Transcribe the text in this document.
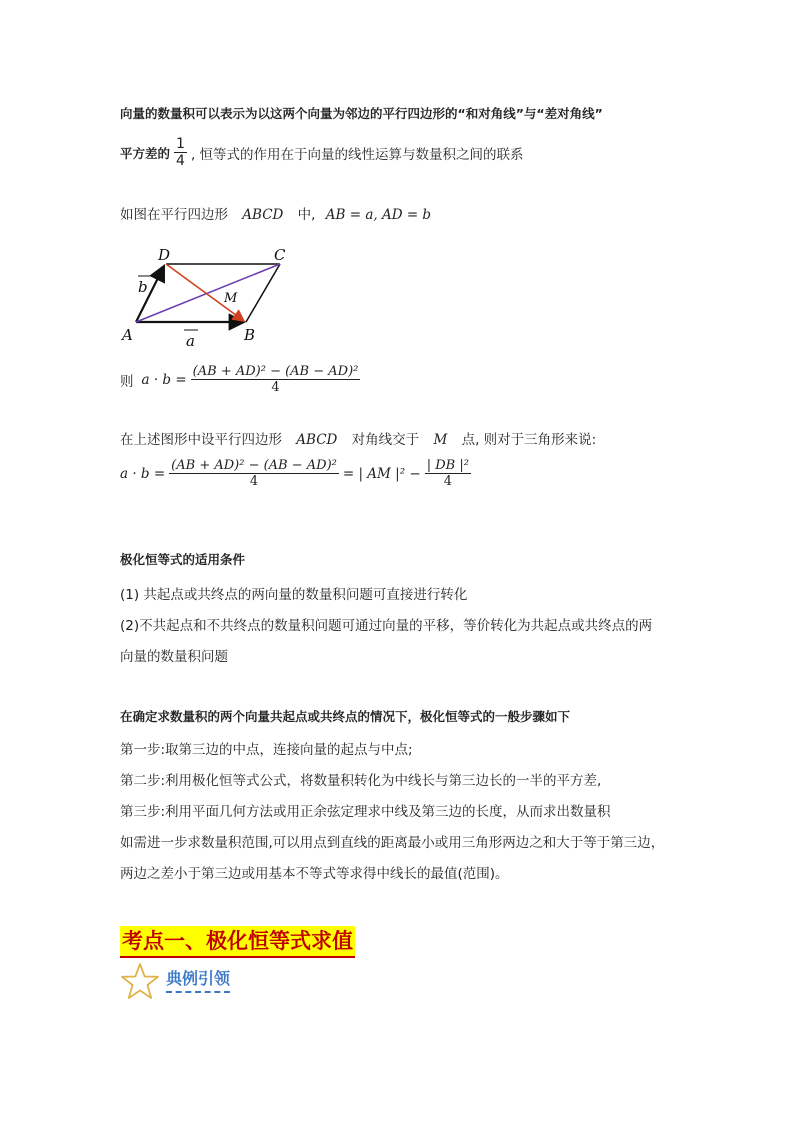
向量的数量积可以表示为以这两个向量为邻边的平行四边形的“和对角线”与“差对角线”
平方差的 $\frac{1}{4}$ , 恒等式的作用在于向量的线性运算与数量积之间的联系
如图在平行四边形 ABCD 中, AB = a, AD = b
D	C
A	B
M
a
b
则 $a \cdot b = \frac{\text{(AB + AD)² − (AB − AD)²}}{4}$
在上述图形中设平行四边形 ABCD 对角线交于 M 点, 则对于三角形来说:
$a \cdot b = \frac{\text{(AB + AD)² − (AB − AD)²}}{4}$ = | AM $|^2 - \frac{\text{| DB |²}}{4}$
极化恒等式的适用条件
(1) 共起点或共终点的两向量的数量积问题可直接进行转化
(2)不共起点和不共终点的数量积问题可通过向量的平移，等价转化为共起点或共终点的两
向量的数量积问题
在确定求数量积的两个向量共起点或共终点的情况下，极化恒等式的一般步骤如下
第一步:取第三边的中点，连接向量的起点与中点;
第二步:利用极化恒等式公式，将数量积转化为中线长与第三边长的一半的平方差,
第三步:利用平面几何方法或用正余弦定理求中线及第三边的长度，从而求出数量积
如需进一步求数量积范围,可以用点到直线的距离最小或用三角形两边之和大于等于第三边，
两边之差小于第三边或用基本不等式等求得中线长的最值(范围)。
考点一、极化恒等式求值
典例引领
